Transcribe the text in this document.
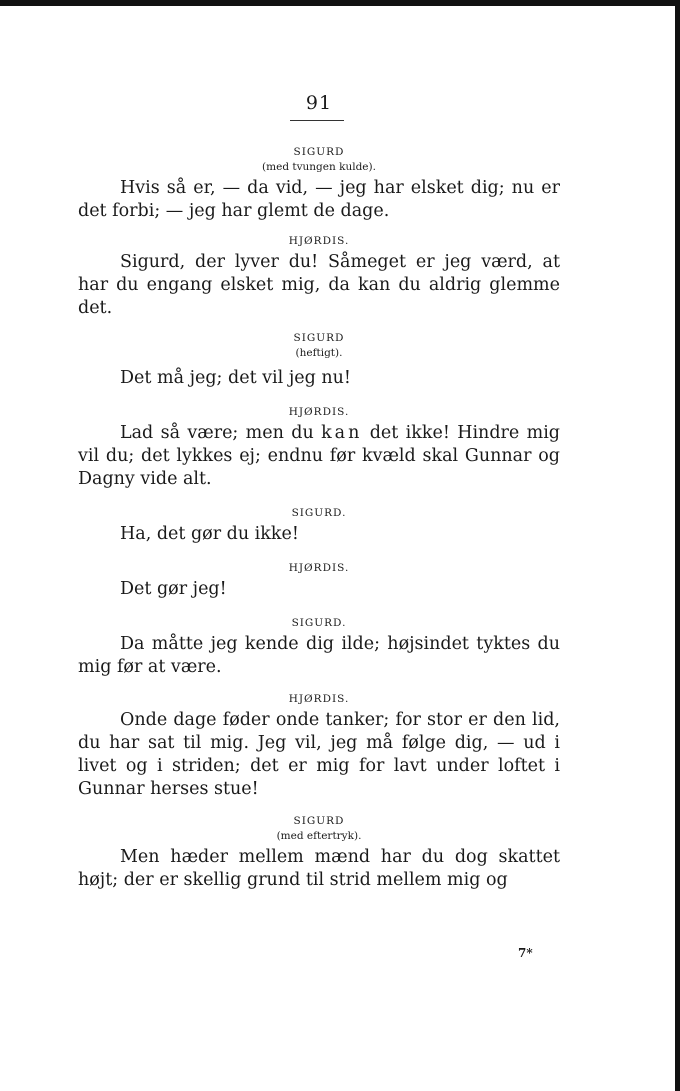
91

SIGURD

(med tvungen kulde).

Hvis så er, — da vid, — jeg har elsket dig; nu er det forbi; — jeg har glemt de dage.

HJØRDIS.

Sigurd, der lyver du! Såmeget er jeg værd, at har du engang elsket mig, da kan du aldrig glemme det.

SIGURD

(heftigt).

Det må jeg; det vil jeg nu!

HJØRDIS.

Lad så være; men du kan det ikke! Hindre mig vil du; det lykkes ej; endnu før kvæld skal Gunnar og Dagny vide alt.

SIGURD.

Ha, det gør du ikke!

HJØRDIS.

Det gør jeg!

SIGURD.

Da måtte jeg kende dig ilde; højsindet tyktes du mig før at være.

HJØRDIS.

Onde dage føder onde tanker; for stor er den lid, du har sat til mig. Jeg vil, jeg må følge dig, — ud i livet og i striden; det er mig for lavt under loftet i Gunnar herses stue!

SIGURD

(med eftertryk).

Men hæder mellem mænd har du dog skattet højt; der er skellig grund til strid mellem mig og

7*
